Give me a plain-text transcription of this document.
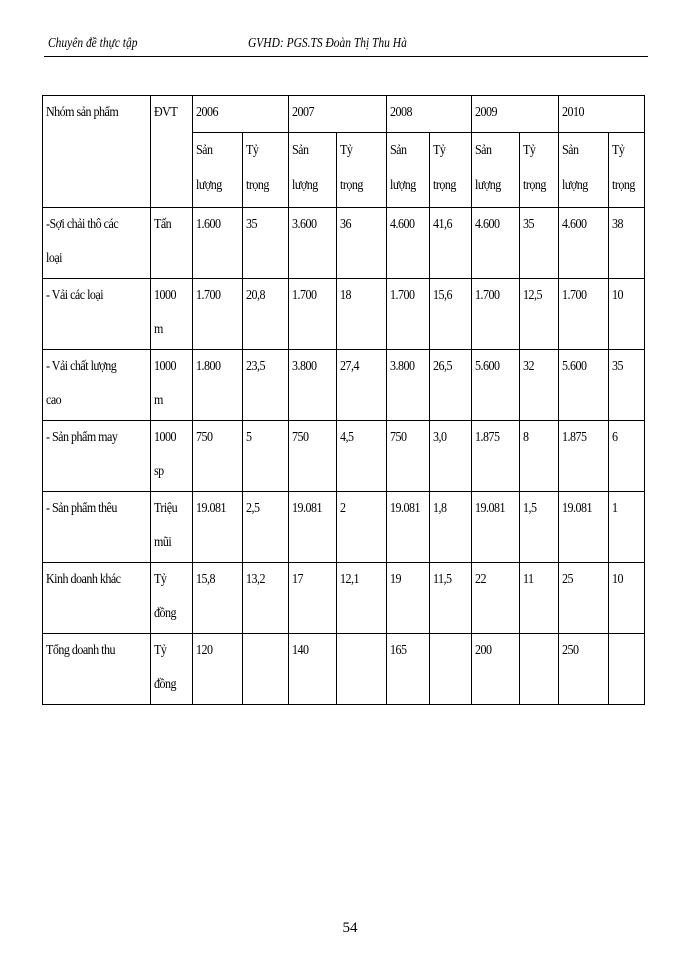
Chuyên đề thực tập	GVHD: PGS.TS Đoàn Thị Thu Hà
Nhóm sản phẩm	ĐVT	2006		2007		2008		2009		2010	
		Sản lượng	Tỷ trọng	Sản lượng	Tỷ trọng	Sản lượng	Tỷ trọng	Sản lượng	Tỷ trọng	Sản lượng	Tỷ trọng
-Sợi chải thô các loại	Tấn	1.600	35	3.600	36	4.600	41,6	4.600	35	4.600	38
- Vải các loại	1000 m	1.700	20,8	1.700	18	1.700	15,6	1.700	12,5	1.700	10
- Vải chất lượng cao	1000 m	1.800	23,5	3.800	27,4	3.800	26,5	5.600	32	5.600	35
- Sản phẩm may	1000 sp	750	5	750	4,5	750	3,0	1.875	8	1.875	6
- Sản phẩm thêu	Triệu mũi	19.081	2,5	19.081	2	19.081	1,8	19.081	1,5	19.081	1
Kinh doanh khác	Tỷ đồng	15,8	13,2	17	12,1	19	11,5	22	11	25	10
Tổng doanh thu	Tỷ đồng	120		140		165		200		250	
54
